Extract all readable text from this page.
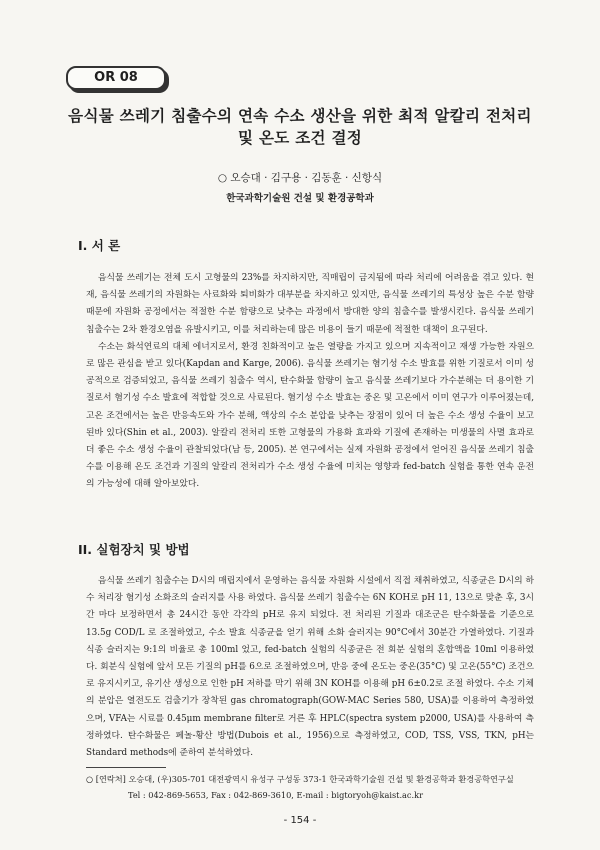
OR 08
음식물 쓰레기 침출수의 연속 수소 생산을 위한 최적 알칼리 전처리
및 온도 조건 결정
○ 오승대 · 김구용 · 김동훈 · 신항식
한국과학기술원 건설 및 환경공학과
I. 서 론

음식물 쓰레기는 전체 도시 고형물의 23%를 차지하지만, 직매립이 금지됨에 따라 처리에 어려움을 겪고 있다. 현재, 음식물 쓰레기의 자원화는 사료화와 퇴비화가 대부분을 차지하고 있지만, 음식물 쓰레기의 특성상 높은 수분 함량 때문에 자원화 공정에서는 적절한 수분 함량으로 낮추는 과정에서 방대한 양의 침출수를 발생시킨다. 음식물 쓰레기 침출수는 2차 환경오염을 유발시키고, 이를 처리하는데 많은 비용이 들기 때문에 적절한 대책이 요구된다.

수소는 화석연료의 대체 에너지로서, 환경 친화적이고 높은 열량을 가지고 있으며 지속적이고 재생 가능한 자원으로 많은 관심을 받고 있다(Kapdan and Karge, 2006). 음식물 쓰레기는 혐기성 수소 발효를 위한 기질로서 이미 성공적으로 검증되었고, 음식물 쓰레기 침출수 역시, 탄수화물 함량이 높고 음식물 쓰레기보다 가수분해는 더 용이한 기질로서 혐기성 수소 발효에 적합할 것으로 사료된다. 혐기성 수소 발효는 중온 및 고온에서 이미 연구가 이루어졌는데, 고온 조건에서는 높은 반응속도와 가수 분해, 액상의 수소 분압을 낮추는 장점이 있어 더 높은 수소 생성 수율이 보고된바 있다(Shin et al., 2003). 알칼리 전처리 또한 고형물의 가용화 효과와 기질에 존재하는 미생물의 사멸 효과로 더 좋은 수소 생성 수율이 관찰되었다(남 등, 2005). 본 연구에서는 실제 자원화 공정에서 얻어진 음식물 쓰레기 침출수를 이용해 온도 조건과 기질의 알칼리 전처리가 수소 생성 수율에 미치는 영향과 fed-batch 실험을 통한 연속 운전의 가능성에 대해 알아보았다.

II. 실험장치 및 방법

음식물 쓰레기 침출수는 D시의 매립지에서 운영하는 음식물 자원화 시설에서 직접 채취하였고, 식종균은 D시의 하수 처리장 혐기성 소화조의 슬러지를 사용 하였다. 음식물 쓰레기 침출수는 6N KOH로 pH 11, 13으로 맞춘 후, 3시간 마다 보정하면서 총 24시간 동안 각각의 pH로 유지 되었다. 전 처리된 기질과 대조군은 탄수화물을 기준으로 13.5g COD/L 로 조절하였고, 수소 발효 식종균을 얻기 위해 소화 슬러지는 90°C에서 30분간 가열하였다. 기질과 식종 슬러지는 9:1의 비율로 총 100ml 었고, fed-batch 실험의 식종균은 전 회분 실험의 혼합액을 10ml 이용하였다. 회분식 실험에 앞서 모든 기질의 pH를 6으로 조절하였으며, 반응 중에 온도는 중온(35°C) 및 고온(55°C) 조건으로 유지시키고, 유기산 생성으로 인한 pH 저하를 막기 위해 3N KOH를 이용해 pH 6±0.2로 조절 하였다. 수소 기체의 분압은 열전도도 검출기가 장착된 gas chromatograph(GOW-MAC Series 580, USA)를 이용하여 측정하였으며, VFA는 시료를 0.45μm membrane filter로 거른 후 HPLC(spectra system p2000, USA)를 사용하여 측정하였다. 탄수화물은 페놀-황산 방법(Dubois et al., 1956)으로 측정하였고, COD, TSS, VSS, TKN, pH는 Standard methods에 준하여 분석하였다.

○ [연락처] 오승대, (우)305-701 대전광역시 유성구 구성동 373-1 한국과학기술원 건설 및 환경공학과 환경공학연구실
Tel : 042-869-5653, Fax : 042-869-3610, E-mail : bigtoryoh@kaist.ac.kr
- 154 -
